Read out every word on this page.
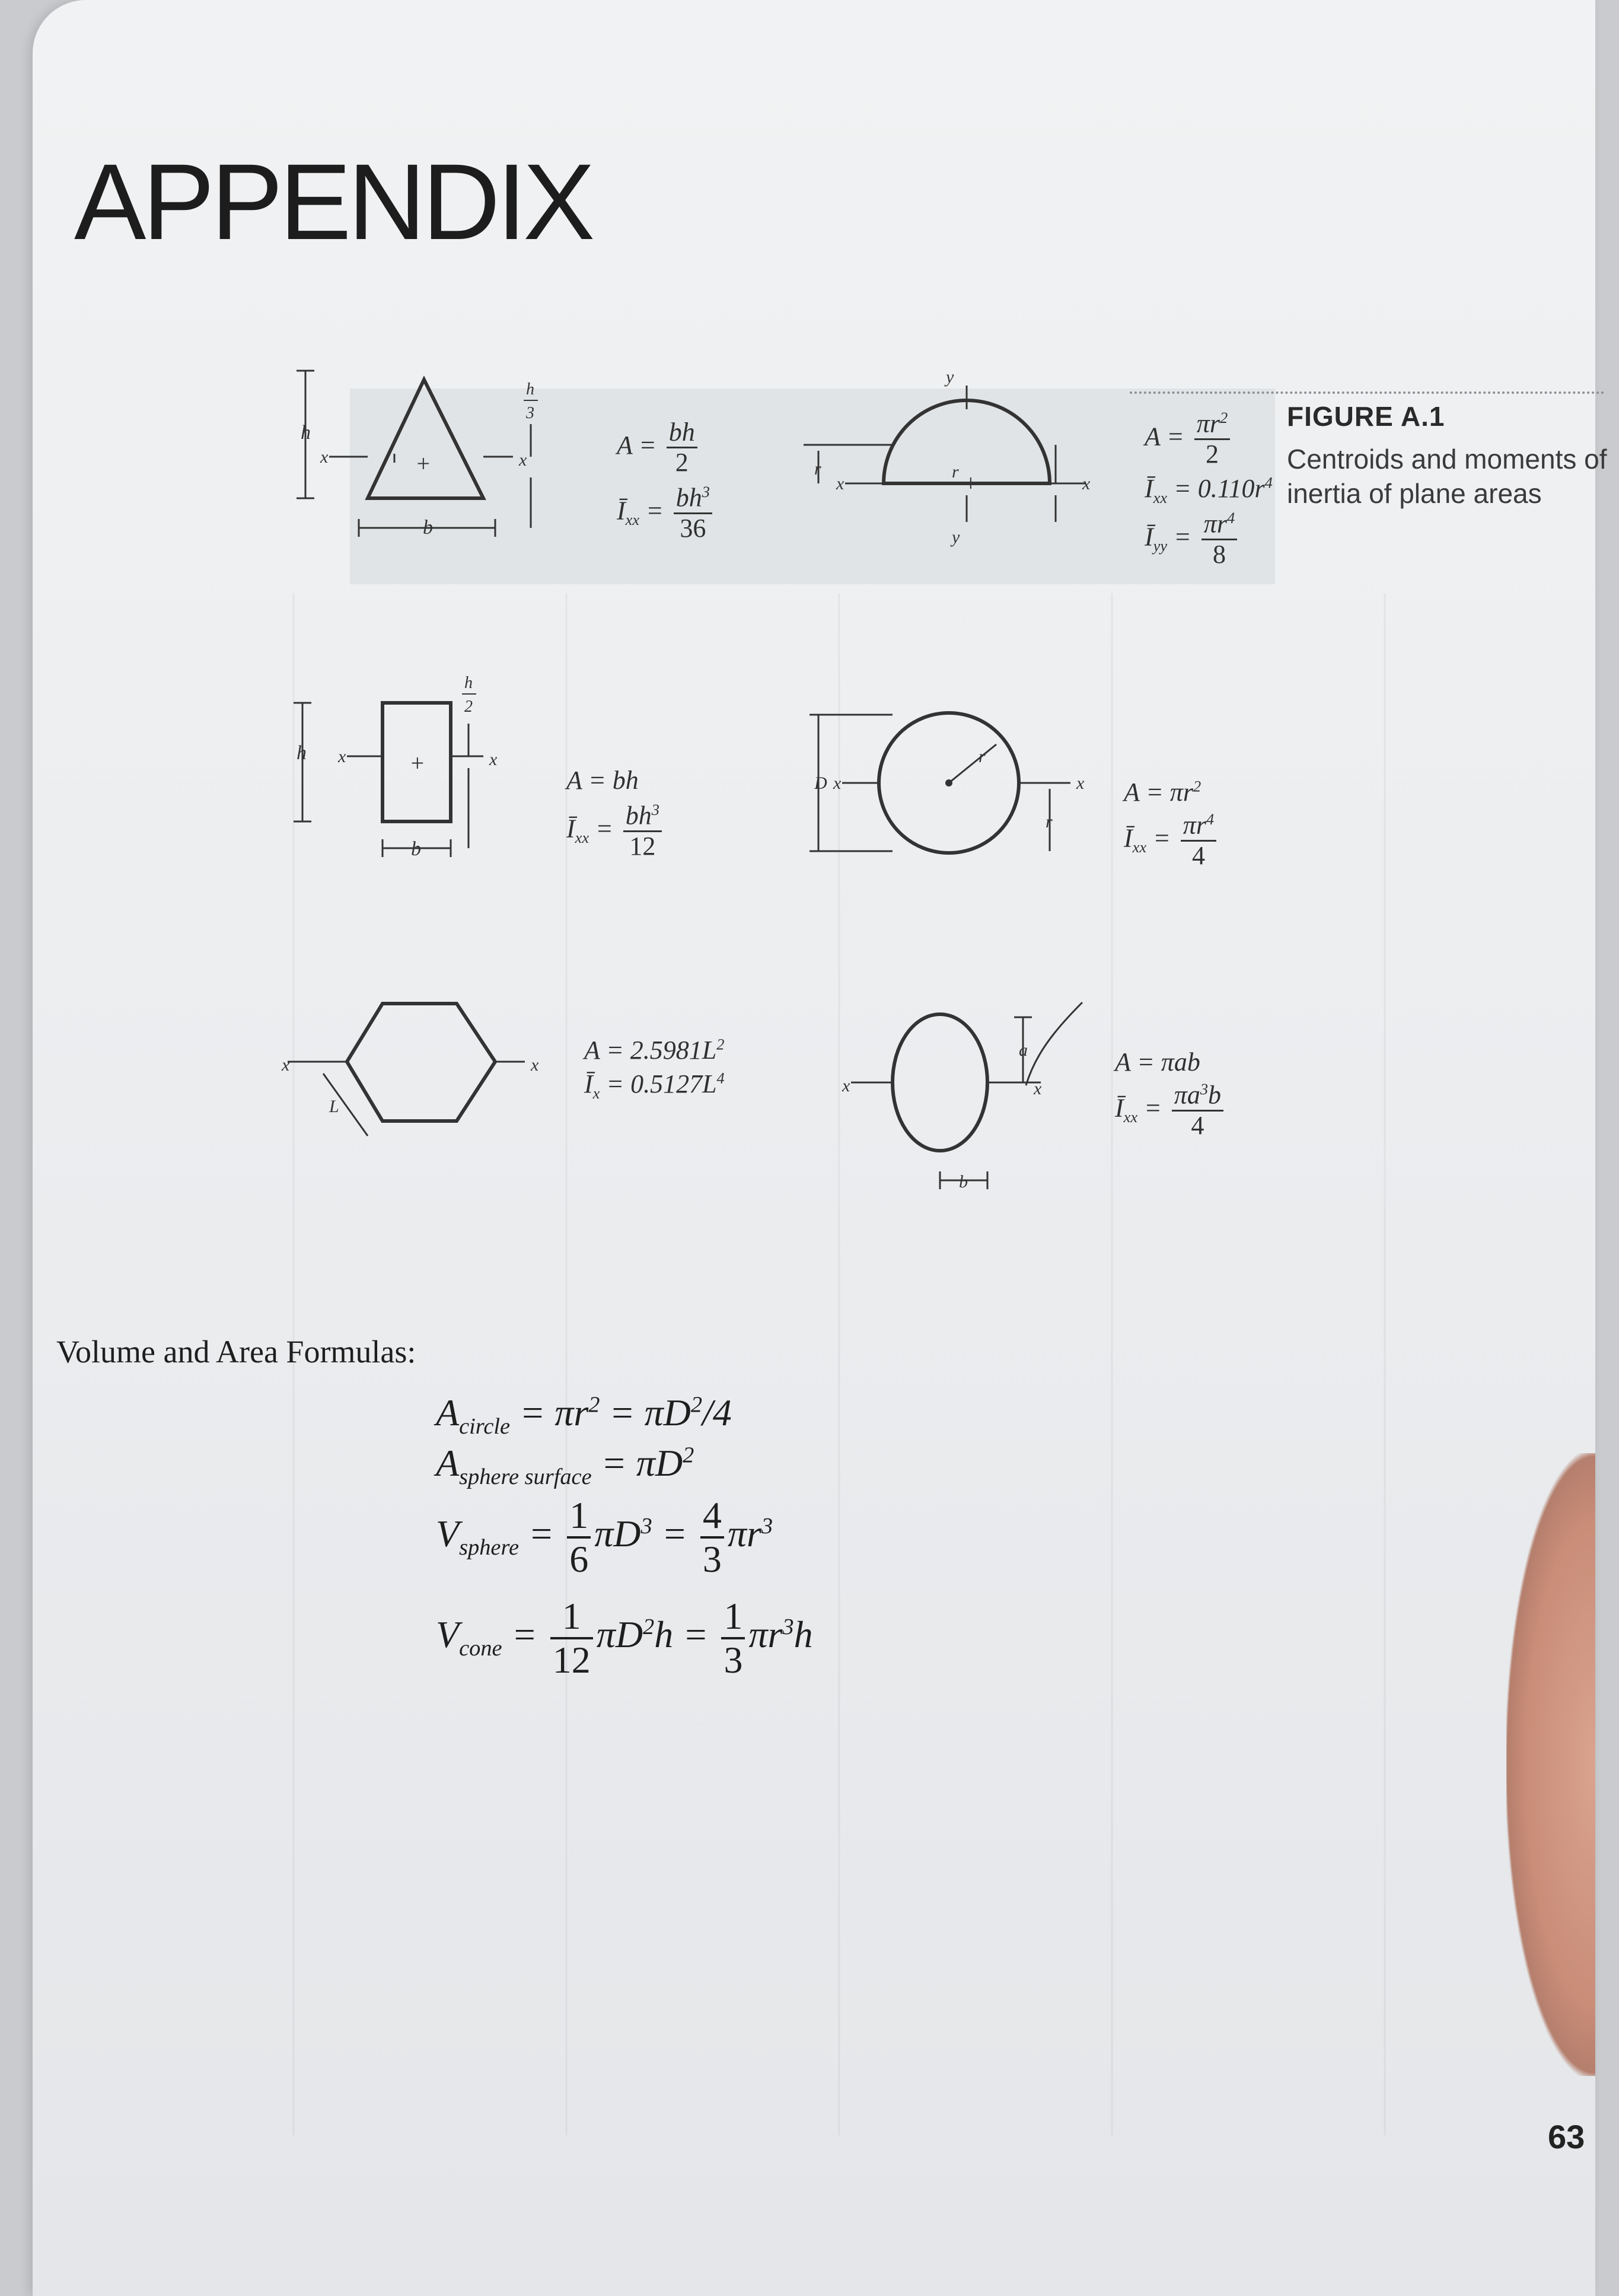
APPENDIX
FIGURE A.1
Centroids and moments of inertia of plane areas
h
x	x
+
b
h
3
$A = \frac{bh}{2}$
$Ī_{xx} = \frac{bh^3}{36}$
r
x
r
y
y
x
+
$A = \frac{\pi r^2}{2}$
$Ī_{xx} = 0.110r^4$
$Ī_{yy} = \frac{\pi r^4}{8}$
h x	x
+
b
h
2
A = bh
$Ī_{xx} = \frac{bh^3}{12}$
D x
r
x
r
$A = \pi r^2$
$Ī_{xx} = \frac{\pi r^4}{4}$
x	x
L
$A = 2.5981L^2$
$Ī_x = 0.5127L^4$	x	x
a
b
A = πab
$Ī_{xx} = \frac{\pi a^3b}{4}$
Volume and Area Formulas:
$A_{circle} = \pi r^2 = \pi D^2/4$
$A_{sphere surface} = \pi D^2$
$V_{sphere} = \frac{1}{6} \pi D^3 = \frac{4}{3} \pi r^3$
$V_{cone} = \frac{1}{12} \pi D^2h = \frac{1}{3} \pi r^3h$
63
